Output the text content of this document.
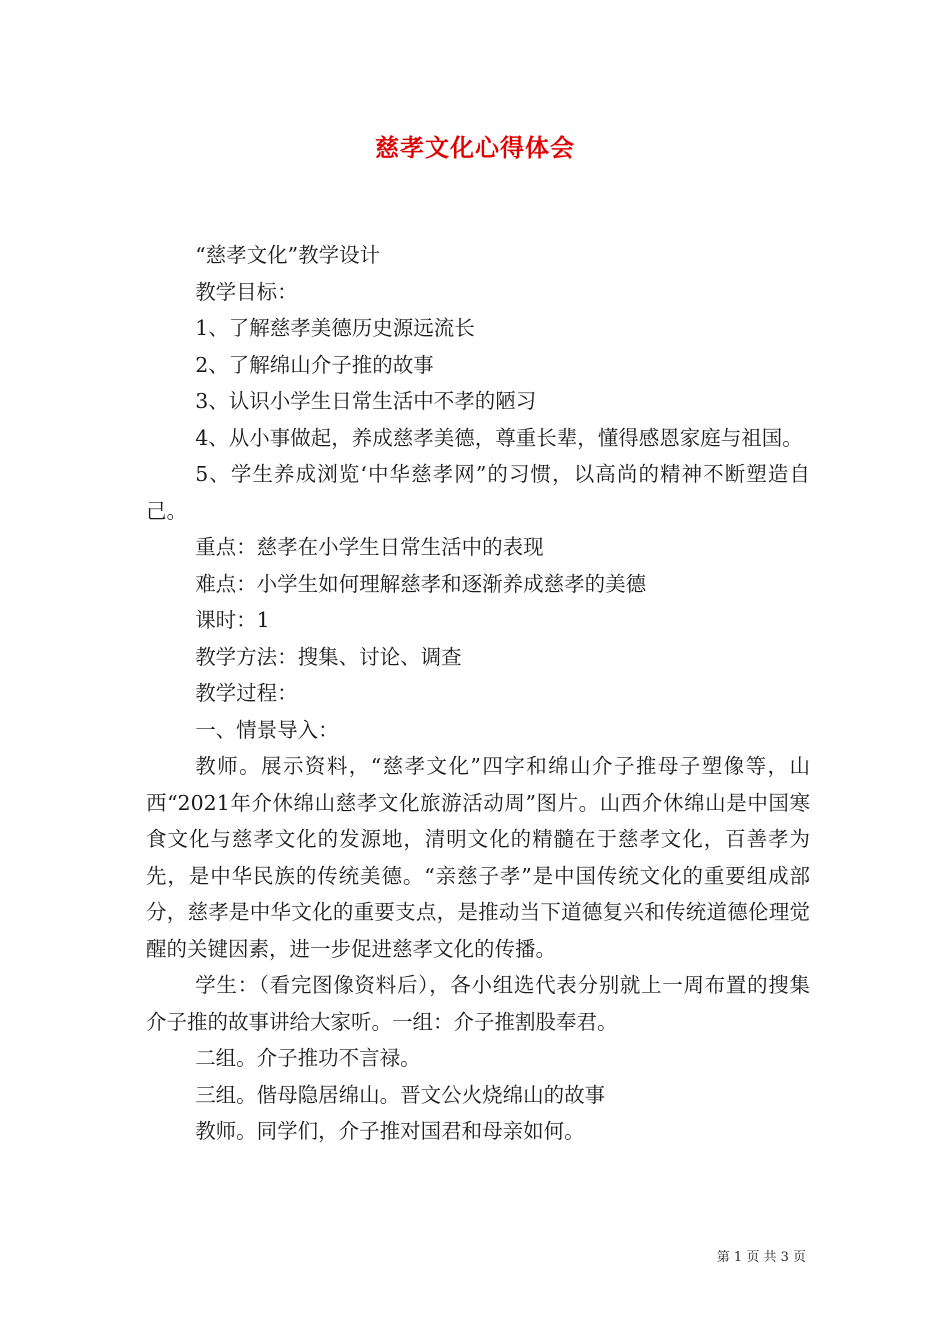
慈孝文化心得体会

“慈孝文化”教学设计

教学目标：

1、了解慈孝美德历史源远流长

2、了解绵山介子推的故事

3、认识小学生日常生活中不孝的陋习

4、从小事做起，养成慈孝美德，尊重长辈，懂得感恩家庭与祖国。

5、学生养成浏览‘中华慈孝网”的习惯，以高尚的精神不断塑造自己。

重点：慈孝在小学生日常生活中的表现

难点：小学生如何理解慈孝和逐渐养成慈孝的美德

课时：1

教学方法：搜集、讨论、调查

教学过程：

一、情景导入：

教师。展示资料，“慈孝文化”四字和绵山介子推母子塑像等，山西“2021年介休绵山慈孝文化旅游活动周”图片。山西介休绵山是中国寒食文化与慈孝文化的发源地，清明文化的精髓在于慈孝文化，百善孝为先，是中华民族的传统美德。“亲慈子孝”是中国传统文化的重要组成部分，慈孝是中华文化的重要支点，是推动当下道德复兴和传统道德伦理觉醒的关键因素，进一步促进慈孝文化的传播。

学生：（看完图像资料后），各小组选代表分别就上一周布置的搜集介子推的故事讲给大家听。一组：介子推割股奉君。

二组。介子推功不言禄。

三组。偕母隐居绵山。晋文公火烧绵山的故事

教师。同学们，介子推对国君和母亲如何。

第 1 页 共 3 页
